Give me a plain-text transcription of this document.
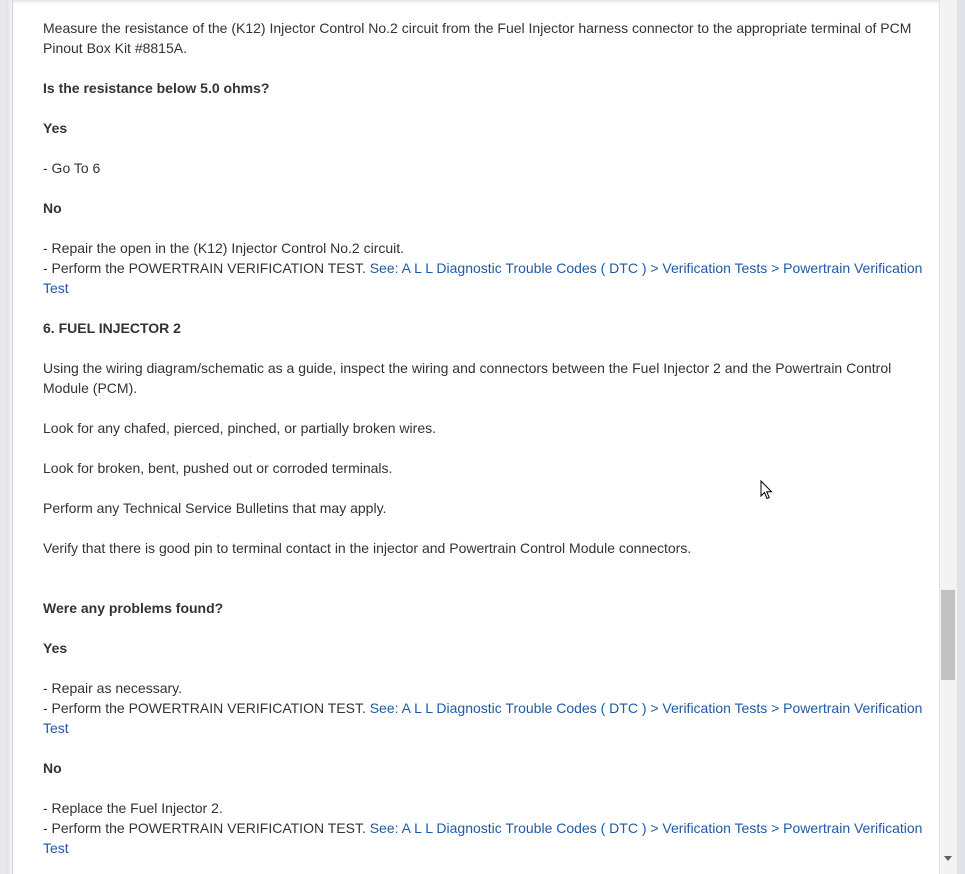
Measure the resistance of the (K12) Injector Control No.2 circuit from the Fuel Injector harness connector to the appropriate terminal of PCM Pinout Box Kit #8815A.

Is the resistance below 5.0 ohms?

Yes

- Go To 6

No

- Repair the open in the (K12) Injector Control No.2 circuit.

- Perform the POWERTRAIN VERIFICATION TEST. See: A L L Diagnostic Trouble Codes ( DTC ) > Verification Tests > Powertrain Verification Test

6. FUEL INJECTOR 2

Using the wiring diagram/schematic as a guide, inspect the wiring and connectors between the Fuel Injector 2 and the Powertrain Control Module (PCM).

Look for any chafed, pierced, pinched, or partially broken wires.

Look for broken, bent, pushed out or corroded terminals.

Perform any Technical Service Bulletins that may apply.

Verify that there is good pin to terminal contact in the injector and Powertrain Control Module connectors.

Were any problems found?

Yes

- Repair as necessary.

- Perform the POWERTRAIN VERIFICATION TEST. See: A L L Diagnostic Trouble Codes ( DTC ) > Verification Tests > Powertrain Verification Test

No

- Replace the Fuel Injector 2.

- Perform the POWERTRAIN VERIFICATION TEST. See: A L L Diagnostic Trouble Codes ( DTC ) > Verification Tests > Powertrain Verification Test
